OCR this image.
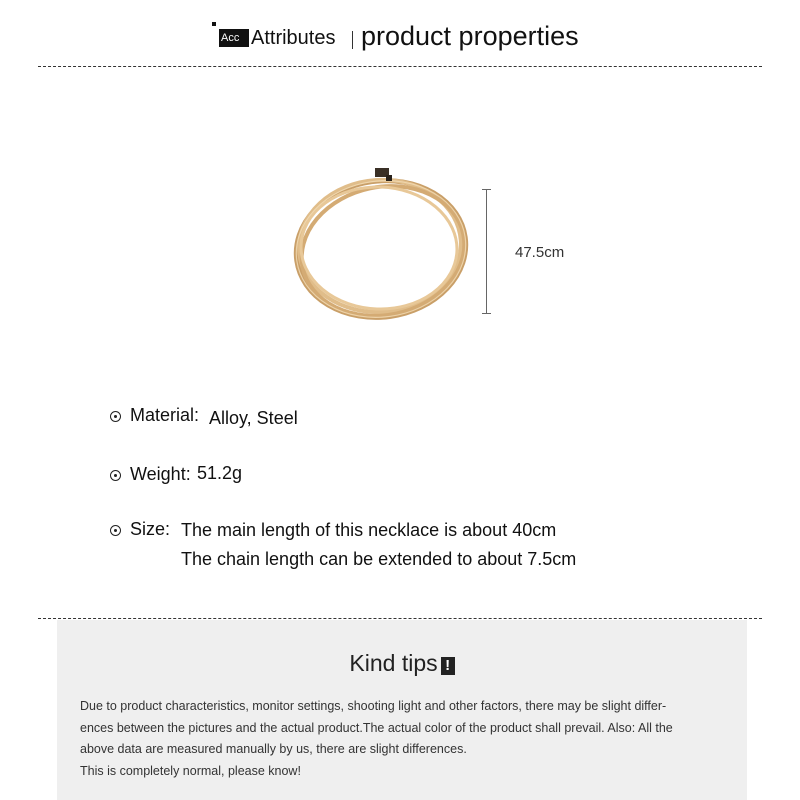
Acc Attributes product properties
47.5cm
Material: Alloy, Steel
Weight: 51.2g
Size: The main length of this necklace is about 40cm
The chain length can be extended to about 7.5cm
Kind tips !

Due to product characteristics, monitor settings, shooting light and other factors, there may be slight differ-

ences between the pictures and the actual product.The actual color of the product shall prevail. Also: All the

above data are measured manually by us, there are slight differences.

This is completely normal, please know!
